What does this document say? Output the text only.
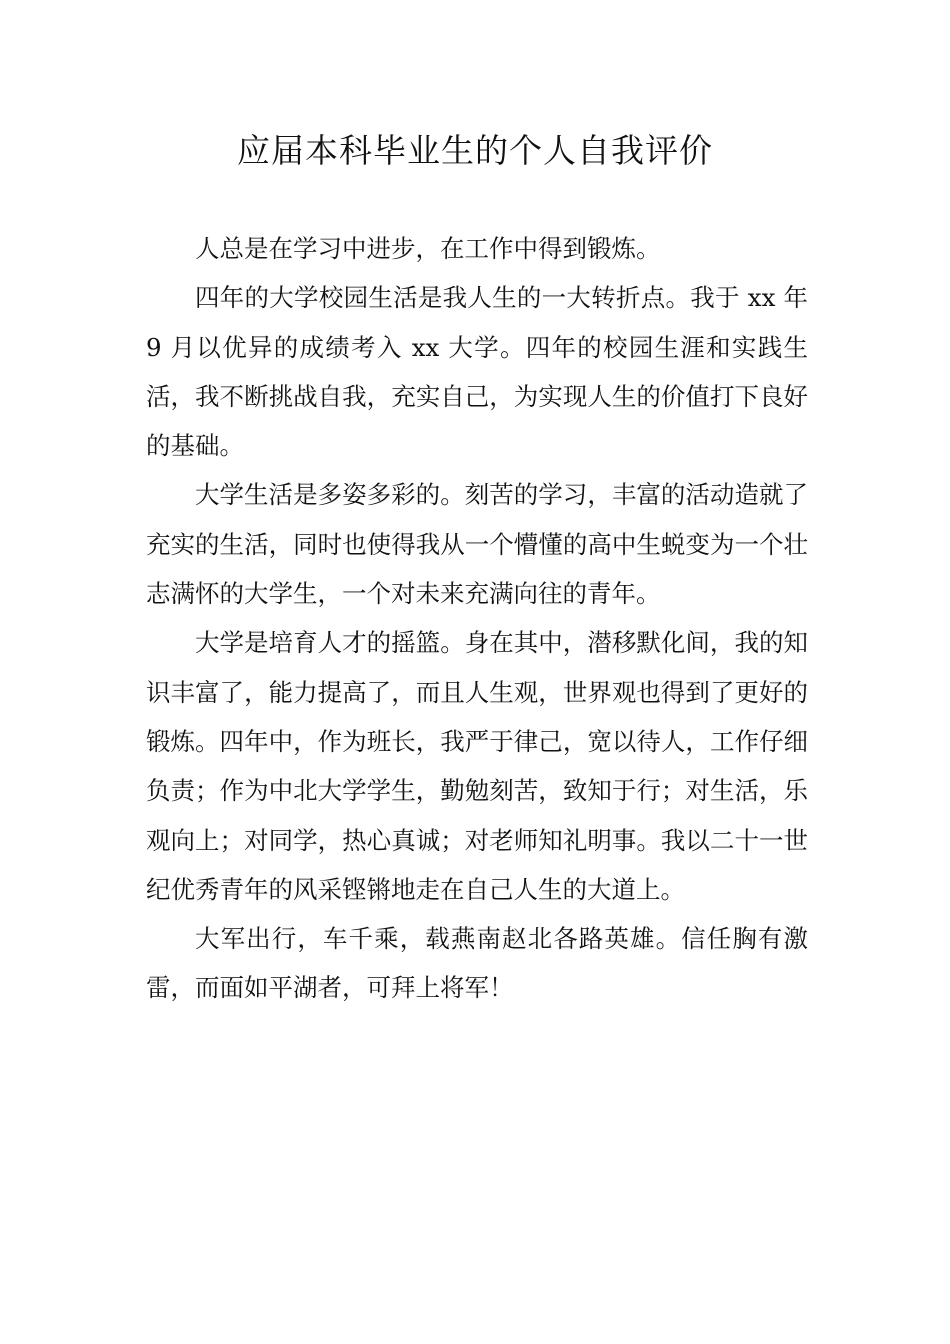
应届本科毕业生的个人自我评价

人总是在学习中进步，在工作中得到锻炼。

四年的大学校园生活是我人生的一大转折点。我于 xx 年 9 月以优异的成绩考入 xx 大学。四年的校园生涯和实践生活，我不断挑战自我，充实自己，为实现人生的价值打下良好的基础。

大学生活是多姿多彩的。刻苦的学习，丰富的活动造就了充实的生活，同时也使得我从一个懵懂的高中生蜕变为一个壮志满怀的大学生，一个对未来充满向往的青年。

大学是培育人才的摇篮。身在其中，潜移默化间，我的知识丰富了，能力提高了，而且人生观，世界观也得到了更好的锻炼。四年中，作为班长，我严于律己，宽以待人，工作仔细负责；作为中北大学学生，勤勉刻苦，致知于行；对生活，乐观向上；对同学，热心真诚；对老师知礼明事。我以二十一世纪优秀青年的风采铿锵地走在自己人生的大道上。

大军出行，车千乘，载燕南赵北各路英雄。信任胸有激雷，而面如平湖者，可拜上将军！
